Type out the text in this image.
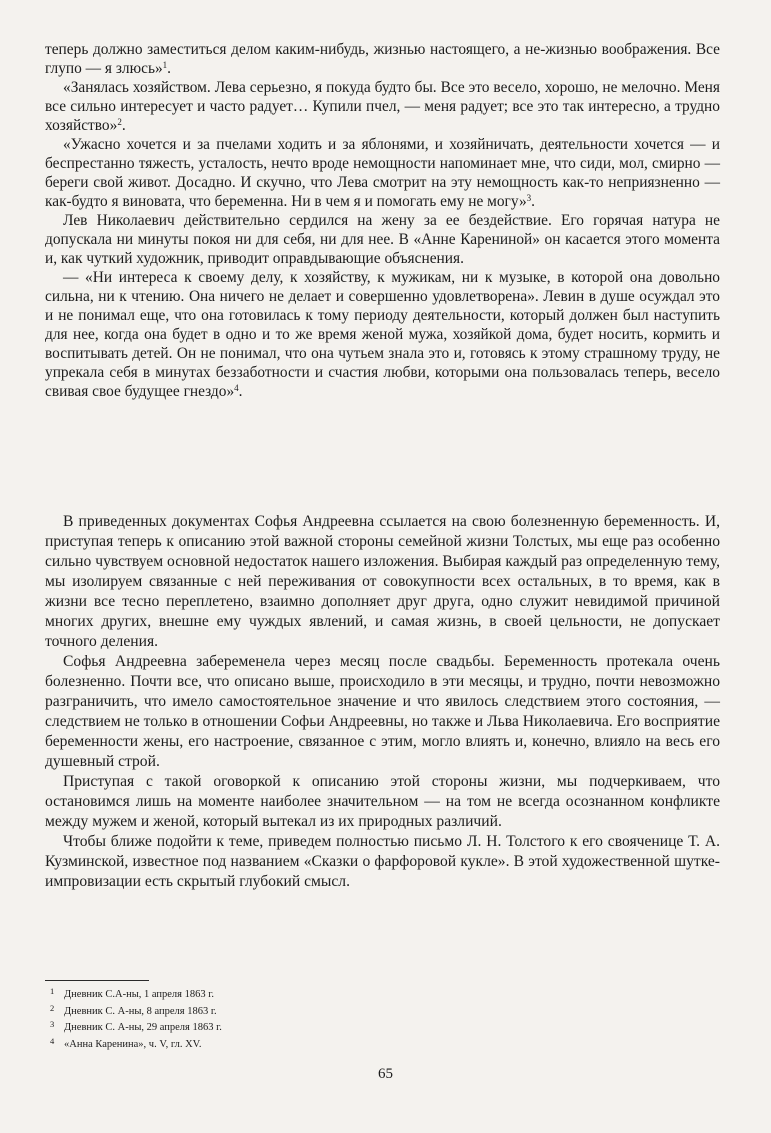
теперь должно заместиться делом каким-нибудь, жизнью настоящего, а не-жизнью воображения. Все глупо — я злюсь»$^1$.

«Занялась хозяйством. Лева серьезно, я покуда будто бы. Все это весело, хорошо, не мелочно. Меня все сильно интересует и часто радует… Купили пчел, — меня радует; все это так интересно, а трудно хозяйство»$^2$.

«Ужасно хочется и за пчелами ходить и за яблонями, и хозяйничать, деятельности хочется — и беспрестанно тяжесть, усталость, нечто вроде немощности напоминает мне, что сиди, мол, смирно — береги свой живот. Досадно. И скучно, что Лева смотрит на эту немощность как-то неприязненно — как-будто я виновата, что беременна. Ни в чем я и помогать ему не могу»$^3$.

Лев Николаевич действительно сердился на жену за ее бездействие. Его горячая натура не допускала ни минуты покоя ни для себя, ни для нее. В «Анне Карениной» он касается этого момента и, как чуткий художник, приводит оправдывающие объяснения.

— «Ни интереса к своему делу, к хозяйству, к мужикам, ни к музыке, в которой она довольно сильна, ни к чтению. Она ничего не делает и совершенно удовлетворена». Левин в душе осуждал это и не понимал еще, что она готовилась к тому периоду деятельности, который должен был наступить для нее, когда она будет в одно и то же время женой мужа, хозяйкой дома, будет носить, кормить и воспитывать детей. Он не понимал, что она чутьем знала это и, готовясь к этому страшному труду, не упрекала себя в минутах беззаботности и счастия любви, которыми она пользовалась теперь, весело свивая свое будущее гнездо»$^4$.

В приведенных документах Софья Андреевна ссылается на свою болезненную беременность. И, приступая теперь к описанию этой важной стороны семейной жизни Толстых, мы еще раз особенно сильно чувствуем основной недостаток нашего изложения. Выбирая каждый раз определенную тему, мы изолируем связанные с ней переживания от совокупности всех остальных, в то время, как в жизни все тесно переплетено, взаимно дополняет друг друга, одно служит невидимой причиной многих других, внешне ему чуждых явлений, и самая жизнь, в своей цельности, не допускает точного деления.

Софья Андреевна забеременела через месяц после свадьбы. Беременность протекала очень болезненно. Почти все, что описано выше, происходило в эти месяцы, и трудно, почти невозможно разграничить, что имело самостоятельное значение и что явилось следствием этого состояния, — следствием не только в отношении Софьи Андреевны, но также и Льва Николаевича. Его восприятие беременности жены, его настроение, связанное с этим, могло влиять и, конечно, влияло на весь его душевный строй.

Приступая с такой оговоркой к описанию этой стороны жизни, мы подчеркиваем, что остановимся лишь на моменте наиболее значительном — на том не всегда осознанном конфликте между мужем и женой, который вытекал из их природных различий.

Чтобы ближе подойти к теме, приведем полностью письмо Л. Н. Толстого к его свояченице Т. А. Кузминской, известное под названием «Сказки о фарфоровой кукле». В этой художественной шутке-импровизации есть скрытый глубокий смысл.

1 Дневник С.А-ны, 1 апреля 1863 г.
2 Дневник С. А-ны, 8 апреля 1863 г.
3 Дневник С. А-ны, 29 апреля 1863 г.
4 «Анна Каренина», ч. V, гл. XV.
65
